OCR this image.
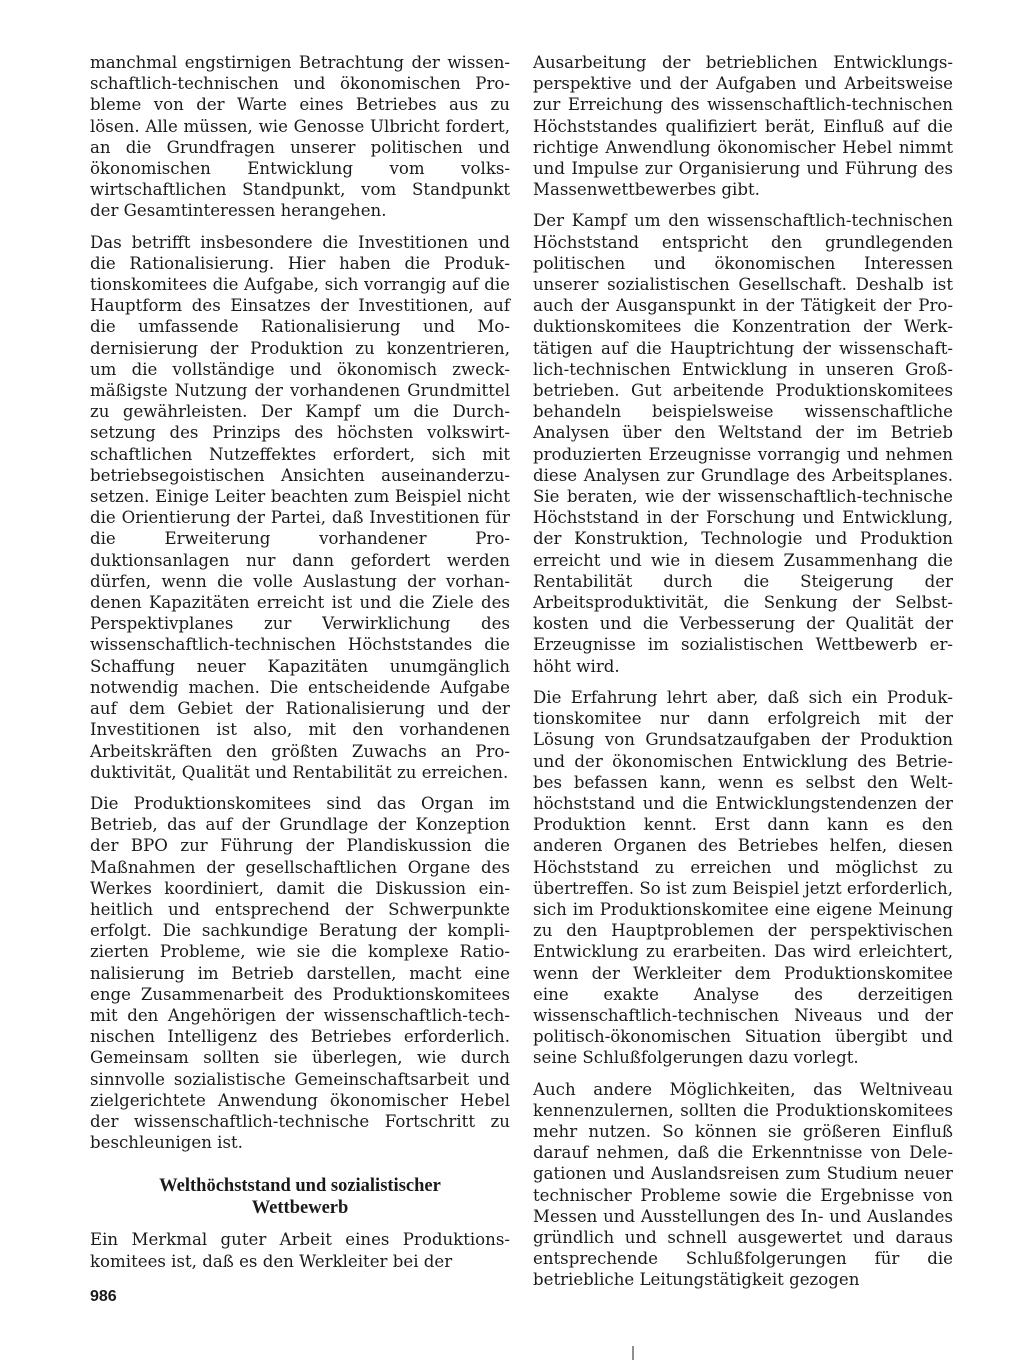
manchmal engstirnigen Betrachtung der wissenschaftlich-technischen und ökonomischen Probleme von der Warte eines Betriebes aus zu lösen. Alle müssen, wie Genosse Ulbricht fordert, an die Grundfragen unserer politischen und ökonomischen Entwicklung vom volkswirtschaftlichen Standpunkt, vom Standpunkt der Gesamtinteressen herangehen.

Das betrifft insbesondere die Investitionen und die Rationalisierung. Hier haben die Produktionskomitees die Aufgabe, sich vorrangig auf die Hauptform des Einsatzes der Investitionen, auf die umfassende Rationalisierung und Modernisierung der Produktion zu konzentrieren, um die vollständige und ökonomisch zweckmäßigste Nutzung der vorhandenen Grundmittel zu gewährleisten. Der Kampf um die Durchsetzung des Prinzips des höchsten volkswirtschaftlichen Nutzeffektes erfordert, sich mit betriebsegoistischen Ansichten auseinanderzusetzen. Einige Leiter beachten zum Beispiel nicht die Orientierung der Partei, daß Investitionen für die Erweiterung vorhandener Produktionsanlagen nur dann gefordert werden dürfen, wenn die volle Auslastung der vorhandenen Kapazitäten erreicht ist und die Ziele des Perspektivplanes zur Verwirklichung des wissenschaftlich-technischen Höchststandes die Schaffung neuer Kapazitäten unumgänglich notwendig machen. Die entscheidende Aufgabe auf dem Gebiet der Rationalisierung und der Investitionen ist also, mit den vorhandenen Arbeitskräften den größten Zuwachs an Produktivität, Qualität und Rentabilität zu erreichen.

Die Produktionskomitees sind das Organ im Betrieb, das auf der Grundlage der Konzeption der BPO zur Führung der Plandiskussion die Maßnahmen der gesellschaftlichen Organe des Werkes koordiniert, damit die Diskussion einheitlich und entsprechend der Schwerpunkte erfolgt. Die sachkundige Beratung der komplizierten Probleme, wie sie die komplexe Rationalisierung im Betrieb darstellen, macht eine enge Zusammenarbeit des Produktionskomitees mit den Angehörigen der wissenschaftlich-technischen Intelligenz des Betriebes erforderlich. Gemeinsam sollten sie überlegen, wie durch sinnvolle sozialistische Gemeinschaftsarbeit und zielgerichtete Anwendung ökonomischer Hebel der wissenschaftlich-technische Fortschritt zu beschleunigen ist.

Welthöchststand und sozialistischer
Wettbewerb

Ein Merkmal guter Arbeit eines Produktionskomitees ist, daß es den Werkleiter bei der

Ausarbeitung der betrieblichen Entwicklungsperspektive und der Aufgaben und Arbeitsweise zur Erreichung des wissenschaftlich-technischen Höchststandes qualifiziert berät, Einfluß auf die richtige Anwendlung ökonomischer Hebel nimmt und Impulse zur Organisierung und Führung des Massenwettbewerbes gibt.

Der Kampf um den wissenschaftlich-technischen Höchststand entspricht den grundlegenden politischen und ökonomischen Interessen unserer sozialistischen Gesellschaft. Deshalb ist auch der Ausganspunkt in der Tätigkeit der Produktionskomitees die Konzentration der Werktätigen auf die Hauptrichtung der wissenschaftlich-technischen Entwicklung in unseren Großbetrieben. Gut arbeitende Produktionskomitees behandeln beispielsweise wissenschaftliche Analysen über den Weltstand der im Betrieb produzierten Erzeugnisse vorrangig und nehmen diese Analysen zur Grundlage des Arbeitsplanes. Sie beraten, wie der wissenschaftlich-technische Höchststand in der Forschung und Entwicklung, der Konstruktion, Technologie und Produktion erreicht und wie in diesem Zusammenhang die Rentabilität durch die Steigerung der Arbeitsproduktivität, die Senkung der Selbstkosten und die Verbesserung der Qualität der Erzeugnisse im sozialistischen Wettbewerb erhöht wird.

Die Erfahrung lehrt aber, daß sich ein Produktionskomitee nur dann erfolgreich mit der Lösung von Grundsatzaufgaben der Produktion und der ökonomischen Entwicklung des Betriebes befassen kann, wenn es selbst den Welthöchststand und die Entwicklungstendenzen der Produktion kennt. Erst dann kann es den anderen Organen des Betriebes helfen, diesen Höchststand zu erreichen und möglichst zu übertreffen. So ist zum Beispiel jetzt erforderlich, sich im Produktionskomitee eine eigene Meinung zu den Hauptproblemen der perspektivischen Entwicklung zu erarbeiten. Das wird erleichtert, wenn der Werkleiter dem Produktionskomitee eine exakte Analyse des derzeitigen wissenschaftlich-technischen Niveaus und der politisch-ökonomischen Situation übergibt und seine Schlußfolgerungen dazu vorlegt.

Auch andere Möglichkeiten, das Weltniveau kennenzulernen, sollten die Produktionskomitees mehr nutzen. So können sie größeren Einfluß darauf nehmen, daß die Erkenntnisse von Delegationen und Auslandsreisen zum Studium neuer technischer Probleme sowie die Ergebnisse von Messen und Ausstellungen des In- und Auslandes gründlich und schnell ausgewertet und daraus entsprechende Schlußfolgerungen für die betriebliche Leitungstätigkeit gezogen

986
